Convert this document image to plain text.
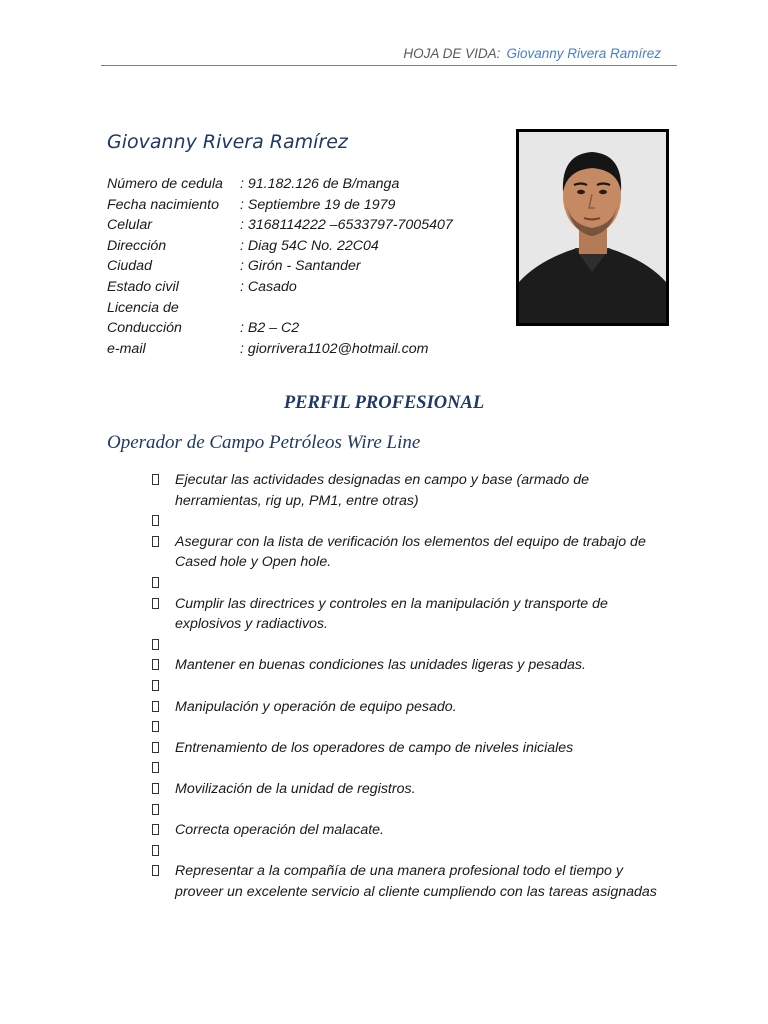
HOJA DE VIDA: Giovanny Rivera Ramírez
Giovanny Rivera Ramírez
Número de cedula : 91.182.126 de B/manga
Fecha nacimiento : Septiembre 19 de 1979
Celular	: 3168114222 –6533797-7005407
Dirección	: Diag 54C No. 22C04
Ciudad	: Girón - Santander
Estado civil	: Casado
Licencia de
Conducción	: B2 – C2
e-mail	: giorrivera1102@hotmail.com
PERFIL PROFESIONAL
Operador de Campo Petróleos Wire Line
Ejecutar las actividades designadas en campo y base (armado de herramientas, rig up, PM1, entre otras)
Asegurar con la lista de verificación los elementos del equipo de trabajo de Cased hole y Open hole.
Cumplir las directrices y controles en la manipulación y transporte de explosivos y radiactivos.
Mantener en buenas condiciones las unidades ligeras y pesadas.
Manipulación y operación de equipo pesado.
Entrenamiento de los operadores de campo de niveles iniciales
Movilización de la unidad de registros.
Correcta operación del malacate.
Representar a la compañía de una manera profesional todo el tiempo y proveer un excelente servicio al cliente cumpliendo con las tareas asignadas
